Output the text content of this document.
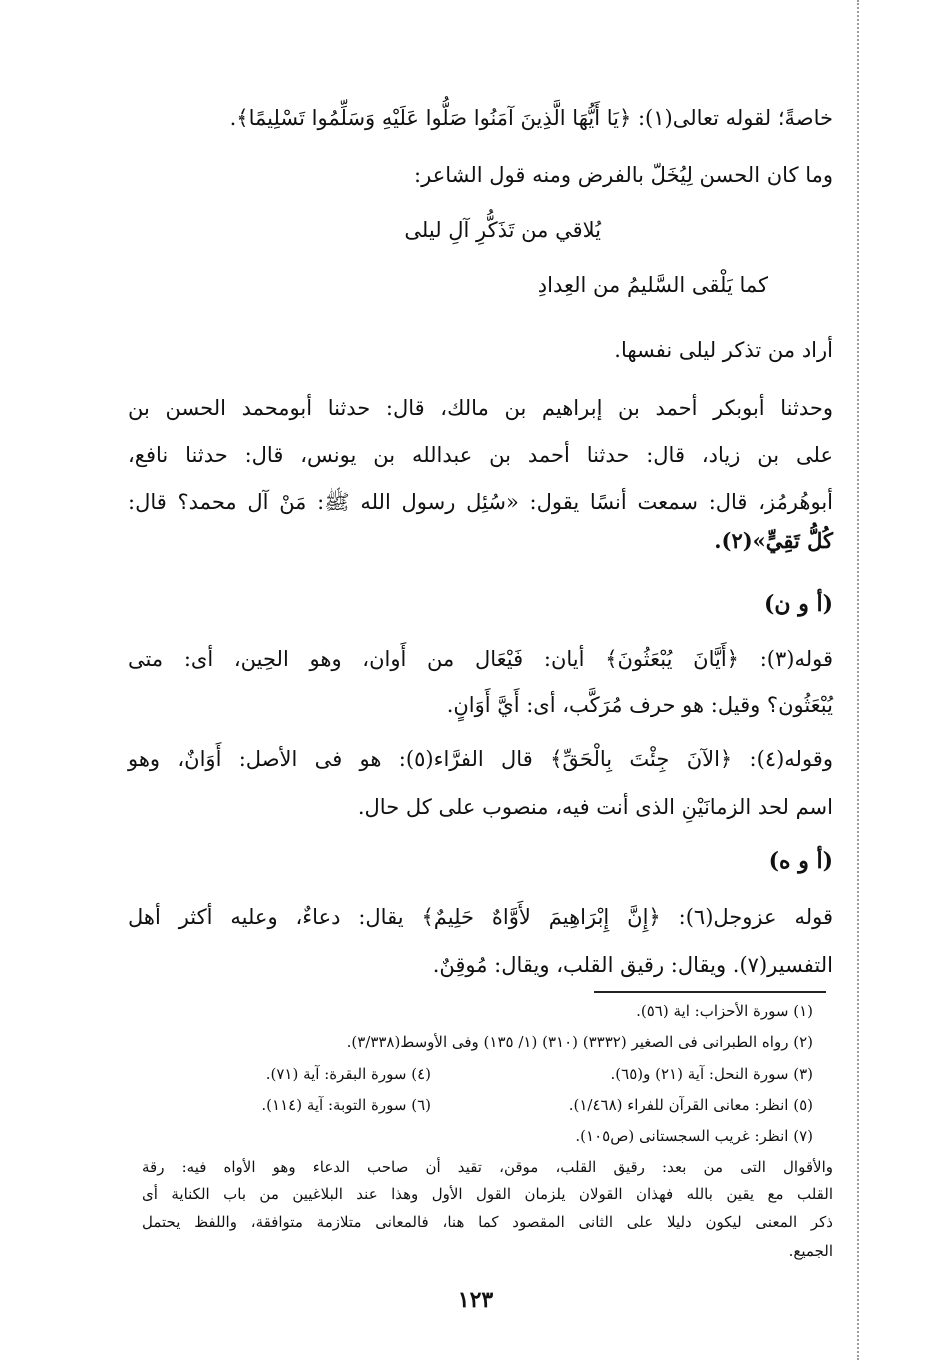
خاصةً؛ لقوله تعالى(١): ﴿يَا أَيُّهَا الَّذِينَ آمَنُوا صَلُّوا عَلَيْهِ وَسَلِّمُوا تَسْلِيمًا﴾.
وما كان الحسن لِيُخَلّ بالفرض ومنه قول الشاعر:
يُلاقي من تَذَكُّرِ آلِ ليلى
كما يَلْقى السَّليمُ من العِدادِ
أراد من تذكر ليلى نفسها.
وحدثنا أبوبكر أحمد بن إبراهيم بن مالك، قال: حدثنا أبومحمد الحسن بن
على بن زياد، قال: حدثنا أحمد بن عبدالله بن يونس، قال: حدثنا نافع،
أبوهُرمُز، قال: سمعت أنسًا يقول: «سُئِل رسول الله ﷺ: مَنْ آل محمد؟ قال:
كُلُّ تَقِيٍّ»(٢).
(أ و ن)
قوله(٣): ﴿أَيَّانَ يُبْعَثُونَ﴾ أيان: فَيْعَال من أَوان، وهو الحِين، أى: متى
يُبْعَثُون؟ وقيل: هو حرف مُرَكَّب، أى: أَيَّ أَوَانٍ.
وقوله(٤): ﴿الآنَ جِئْتَ بِالْحَقِّ﴾ قال الفرَّاء(٥): هو فى الأصل: أَوَانٌ، وهو
اسم لحد الزمانَيْنِ الذى أنت فيه، منصوب على كل حال.
(أ و ه)
قوله عزوجل(٦): ﴿إِنَّ إِبْرَاهِيمَ لأَوَّاهٌ حَلِيمٌ﴾ يقال: دعاءٌ، وعليه أكثر أهل
التفسير(٧). ويقال: رقيق القلب، ويقال: مُوقِنٌ.
(١) سورة الأحزاب: اية (٥٦).
(٢) رواه الطبرانى فى الصغير (٣٣٣٢) (٣١٠) (١/ ١٣٥) وفى الأوسط(٣/٣٣٨).
(٣) سورة النحل: آية (٢١) و(٦٥).
(٤) سورة البقرة: آية (٧١).
(٥) انظر: معانى القرآن للفراء (١/٤٦٨).
(٦) سورة التوبة: آية (١١٤).
(٧) انظر: غريب السجستانى (ص١٠٥).
والأقوال التى من بعد: رقيق القلب، موقن، تقيد أن صاحب الدعاء وهو الأواه فيه: رقة
القلب مع يقين بالله فهذان القولان يلزمان القول الأول وهذا عند البلاغيين من باب الكناية أى
ذكر المعنى ليكون دليلا على الثانى المقصود كما هنا، فالمعانى متلازمة متوافقة، واللفظ يحتمل
الجميع.
١٢٣
